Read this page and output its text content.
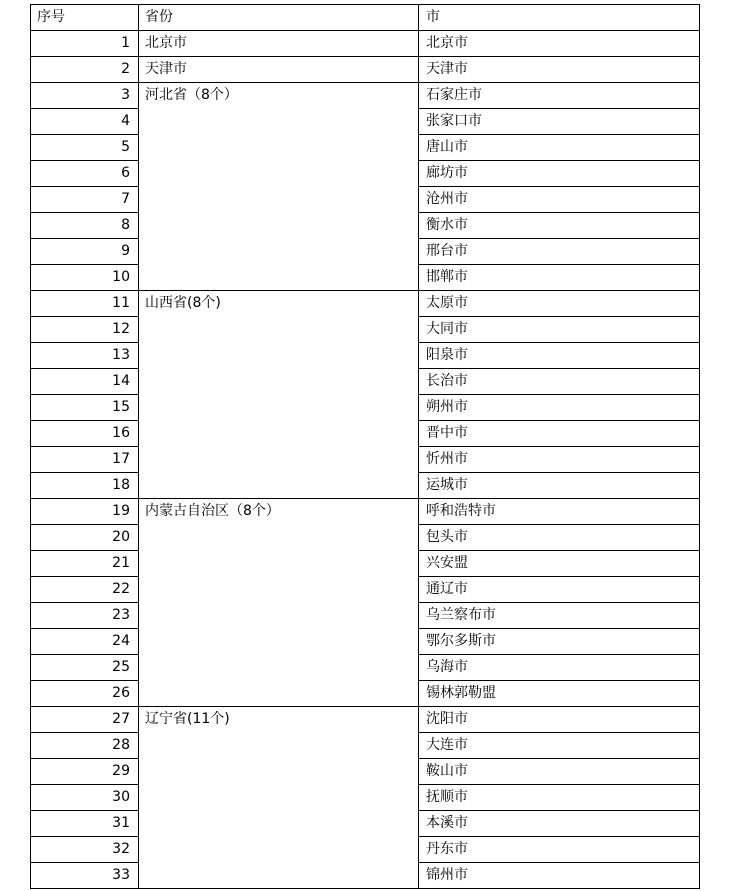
序号	省份	市
1	北京市	北京市
2	天津市	天津市
3	河北省（8个）	石家庄市
4		张家口市
5		唐山市
6		廊坊市
7		沧州市
8		衡水市
9		邢台市
10		邯郸市
11	山西省(8个)	太原市
12		大同市
13		阳泉市
14		长治市
15		朔州市
16		晋中市
17		忻州市
18		运城市
19	内蒙古自治区（8个）	呼和浩特市
20		包头市
21		兴安盟
22		通辽市
23		乌兰察布市
24		鄂尔多斯市
25		乌海市
26		锡林郭勒盟
27	辽宁省(11个)	沈阳市
28		大连市
29		鞍山市
30		抚顺市
31		本溪市
32		丹东市
33		锦州市
